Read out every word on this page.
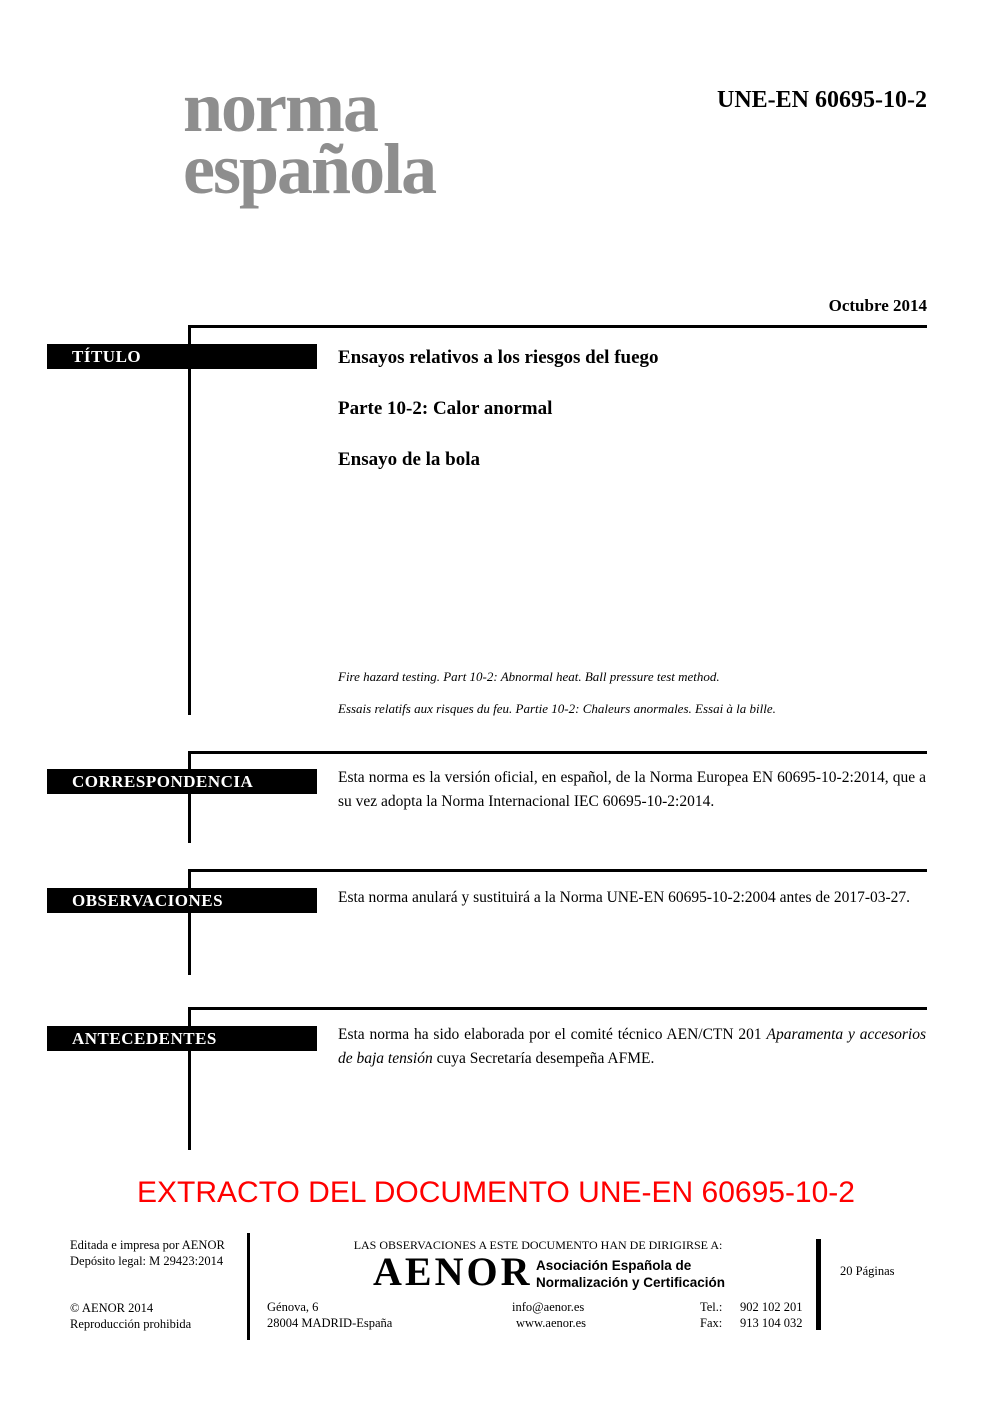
norma
española
UNE-EN 60695-10-2
Octubre 2014
TÍTULO	Ensayos relativos a los riesgos del fuego
Parte 10-2: Calor anormal
Ensayo de la bola
Fire hazard testing. Part 10-2: Abnormal heat. Ball pressure test method.
Essais relatifs aux risques du feu. Partie 10-2: Chaleurs anormales. Essai à la bille.
CORRESPONDENCIA	Esta norma es la versión oficial, en español, de la Norma Europea EN 60695-10-2:2014, que a su vez adopta la Norma Internacional IEC 60695-10-2:2014.
OBSERVACIONES	Esta norma anulará y sustituirá a la Norma UNE-EN 60695-10-2:2004 antes de 2017-03-27.
ANTECEDENTES	Esta norma ha sido elaborada por el comité técnico AEN/CTN 201 Aparamenta y accesorios de baja tensión cuya Secretaría desempeña AFME.
EXTRACTO DEL DOCUMENTO UNE-EN 60695-10-2
Editada e impresa por AENOR
Depósito legal: M 29423:2014
© AENOR 2014
Reproducción prohibida
LAS OBSERVACIONES A ESTE DOCUMENTO HAN DE DIRIGIRSE A:
AENOR Asociación Española de
Normalización y Certificación
Génova, 6
28004 MADRID-España
info@aenor.es
www.aenor.es
Tel.: 902 102 201
Fax: 913 104 032
20 Páginas
